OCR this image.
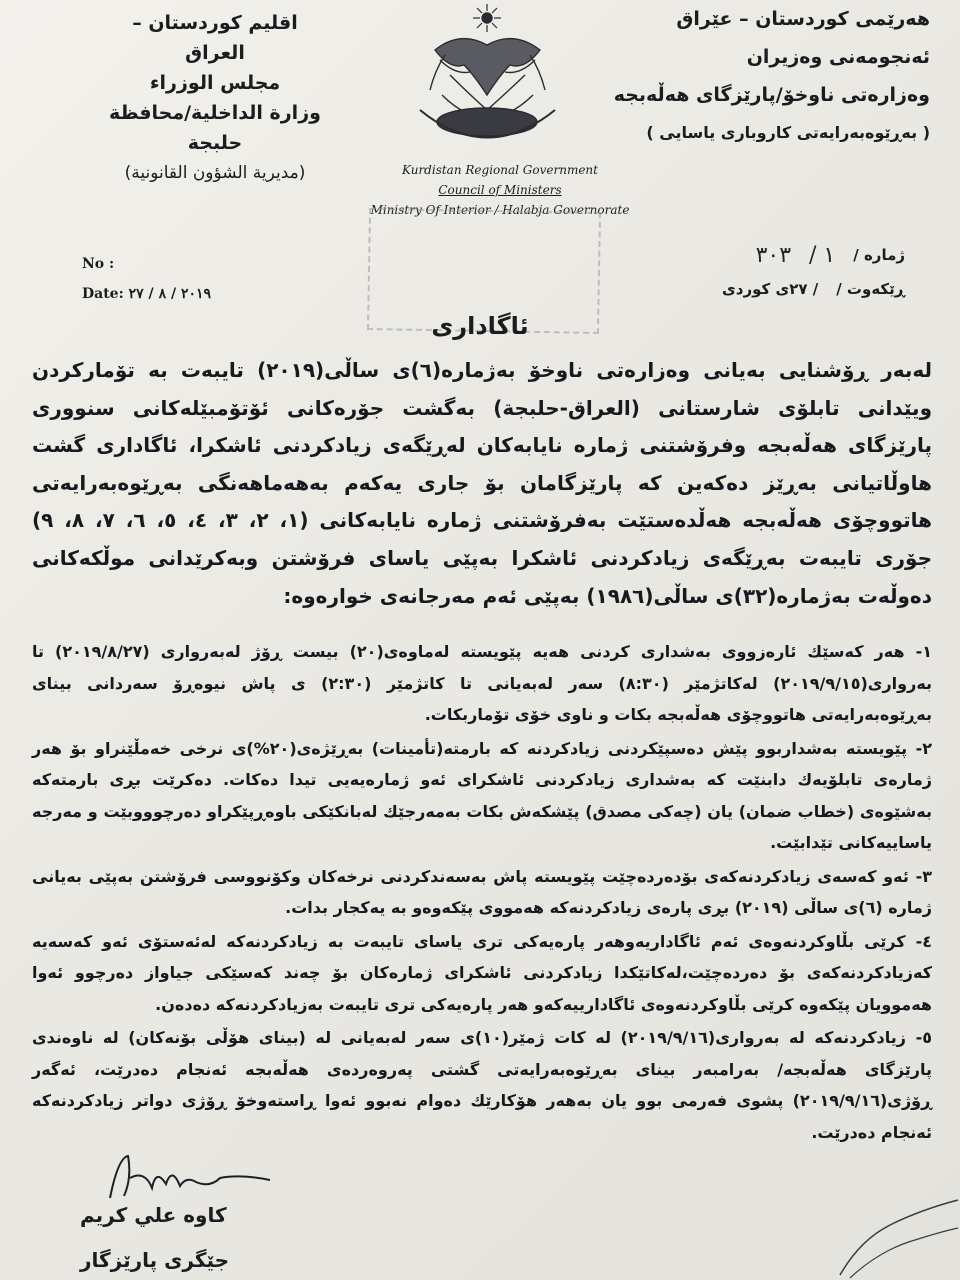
اقليم كوردستان – العراق
مجلس الوزراء
وزارة الداخلية/محافظة حلبجة
(مديرية الشؤون القانونية)
هەرێمی كوردستان – عێراق
ئەنجومەنی وەزیران
وەزارەتی ناوخۆ/پارێزگای هەڵەبجە
( بەڕێوەبەرایەتی كاروباری یاسایی )
Kurdistan Regional Government
Council of Ministers
Ministry Of Interior / Halabja Governorate
No :
Date: ٢٠١٩ / ٨ / ٢٧
ژمارە /
١ /
٣٠٣
ڕێکەوت /
/ ٢٧ى كوردى
ئاگاداری
لەبەر ڕۆشنایی بەیانی وەزارەتی ناوخۆ بەژمارە(٦)ی ساڵی(٢٠١٩) تایبەت بە تۆماركردن ویێدانی تابلۆی شارستانی (العراق-حلبجة) بەگشت جۆرەكانی ئۆتۆمبێلەكانی سنووری پارێزگای هەڵەبجە وفرۆشتنی ژمارە نایابەكان لەڕێگەی زیادكردنی ئاشكرا، ئاگاداری گشت هاوڵاتیانی بەڕێز دەكەین كە پارێزگامان بۆ جاری یەكەم بەهەماهەنگی بەڕێوەبەرایەتی هاتووچۆی هەڵەبجە هەڵدەستێت بەفرۆشتنی ژمارە نایابەكانی (١، ٢، ٣، ٤، ٥، ٦، ٧، ٨، ٩) جۆری تایبەت بەڕێگەی زیادكردنی ئاشكرا بەپێی یاسای فرۆشتن وبەكرێدانی موڵكەكانی دەوڵەت بەژمارە(٣٢)ی ساڵی(١٩٨٦) بەپێی ئەم مەرجانەی خوارەوە:

١- هەر كەسێك ئارەزووی بەشداری كردنی هەیە پێویستە لەماوەی(٢٠) بیست ڕۆژ لەبەرواری (٢٠١٩/٨/٢٧) تا بەرواری(٢٠١٩/٩/١٥) لەكاتژمێر (٨:٣٠) سەر لەبەیانی تا كاتژمێر (٢:٣٠) ی پاش نیوەڕۆ سەردانی بینای بەڕێوەبەرایەتی هاتووچۆی هەڵەبجە بكات و ناوی خۆی تۆماربكات.

٢- پێویستە بەشداربوو پێش دەسپێكردنی زیادكردنە كە بارمتە(تأمینات) بەڕێژەی(٢٠%)ی نرخی خەمڵێنراو بۆ هەر ژمارەی تابلۆیەك دابنێت كە بەشداری زیادكردنی ئاشكرای ئەو ژمارەیەیی تیدا دەكات. دەكرێت بڕی بارمتەكە بەشێوەی (خطاب ضمان) یان (چەكی مصدق) پێشكەش بكات بەمەرجێك لەبانكێكی باوەڕپێكراو دەرچوووبێت و مەرجە یاساییەكانی تێدابێت.

٣- ئەو كەسەی زیادكردنەكەی بۆدەردەچێت پێویستە پاش بەسەندكردنی نرخەكان وكۆنووسی فرۆشتن بەپێی بەیانی ژمارە (٦)ی ساڵی (٢٠١٩) بڕی پارەی زیادكردنەكە هەمووی پێكەوەو بە یەكجار بدات.

٤- كرێی بڵاوكردنەوەی ئەم ئاگاداریەوهەر پارەیەكی تری یاسای تایبەت بە زیادكردنەكە لەئەستۆی ئەو كەسەیە كەزیادكردنەكەی بۆ دەردەچێت،لەكاتێكدا زیادكردنی ئاشكرای ژمارەكان بۆ چەند كەسێكی جیاواز دەرچوو ئەوا هەموویان پێكەوە كرێی بڵاوكردنەوەی ئاگادارییەكەو هەر پارەیەكی تری تایبەت بەزیادكردنەكە دەدەن.

٥- زیادكردنەكە لە بەرواری(٢٠١٩/٩/١٦) لە كات ژمێر(١٠)ی سەر لەبەیانی لە (بینای هۆڵی بۆنەكان) لە ناوەندی پارێزگای هەڵەبجە/ بەرامبەر بینای بەڕێوەبەرایەتی گشتی پەروەردەی هەڵەبجە ئەنجام دەدرێت، ئەگەر ڕۆژی(٢٠١٩/٩/١٦) پشوی فەرمی بوو یان بەهەر هۆكارێك دەوام نەبوو ئەوا ڕاستەوخۆ ڕۆژی دواتر زیادكردنەكە ئەنجام دەدرێت.

كاوە علي كريم
جێگری پارێزگار
